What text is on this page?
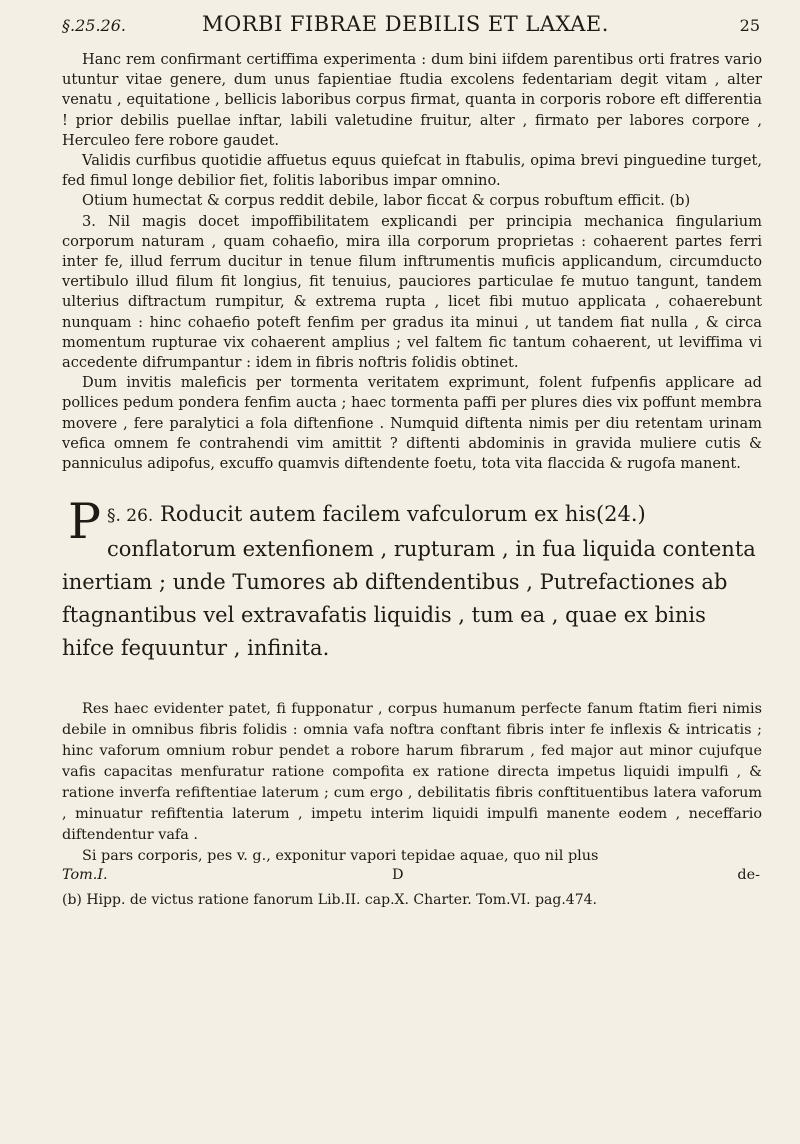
§.25.26.	MORBI FIBRAE DEBILIS ET LAXAE.	25

Hanc rem confirmant certiffima experimenta : dum bini iifdem parentibus orti fratres vario utuntur vitae genere, dum unus fapientiae ftudia excolens fedentariam degit vitam , alter venatu , equitatione , bellicis laboribus corpus firmat, quanta in corporis robore eft differentia ! prior debilis puellae inftar, labili valetudine fruitur, alter , firmato per labores corpore , Herculeo fere robore gaudet.

Validis curfibus quotidie affuetus equus quiefcat in ftabulis, opima brevi pinguedine turget, fed fimul longe debilior fiet, folitis laboribus impar omnino.

Otium humectat & corpus reddit debile, labor ficcat & corpus robuftum efficit. (b)

3. Nil magis docet impoffibilitatem explicandi per principia mechanica fingularium corporum naturam , quam cohaefio, mira illa corporum proprietas : cohaerent partes ferri inter fe, illud ferrum ducitur in tenue filum inftrumentis muficis applicandum, circumducto vertibulo illud filum fit longius, fit tenuius, pauciores particulae fe mutuo tangunt, tandem ulterius diftractum rumpitur, & extrema rupta , licet fibi mutuo applicata , cohaerebunt nunquam : hinc cohaefio poteft fenfim per gradus ita minui , ut tandem fiat nulla , & circa momentum rupturae vix cohaerent amplius ; vel faltem fic tantum cohaerent, ut leviffima vi accedente difrumpantur : idem in fibris noftris folidis obtinet.

Dum invitis maleficis per tormenta veritatem exprimunt, folent fufpenfis applicare ad pollices pedum pondera fenfim aucta ; haec tormenta paffi per plures dies vix poffunt membra movere , fere paralytici a fola diftenfione . Numquid diftenta nimis per diu retentam urinam vefica omnem fe contrahendi vim amittit ? diftenti abdominis in gravida muliere cutis & panniculus adipofus, excuffo quamvis diftendente foetu, tota vita flaccida & rugofa manent.

§. 26.
P	Roducit autem facilem vafculorum ex his(24.) conflatorum extenfionem , rupturam , in fua liquida contenta inertiam ; unde Tumores ab diftendentibus , Putrefactiones ab ftagnantibus vel extravafatis liquidis , tum ea , quae ex binis hifce fequuntur , infinita.

Res haec evidenter patet, fi fupponatur , corpus humanum perfecte fanum ftatim fieri nimis debile in omnibus fibris folidis : omnia vafa noftra conftant fibris inter fe inflexis & intricatis ; hinc vaforum omnium robur pendet a robore harum fibrarum , fed major aut minor cujufque vafis capacitas menfuratur ratione compofita ex ratione directa impetus liquidi impulfi , & ratione inverfa refiftentiae laterum ; cum ergo , debilitatis fibris conftituentibus latera vaforum , minuatur refiftentia laterum , impetu interim liquidi impulfi manente eodem , neceffario diftendentur vafa .

Si pars corporis, pes v. g., exponitur vapori tepidae aquae, quo nil plus

Tom.I.	D	de-
(b) Hipp. de victus ratione fanorum Lib.II. cap.X. Charter. Tom.VI. pag.474.
